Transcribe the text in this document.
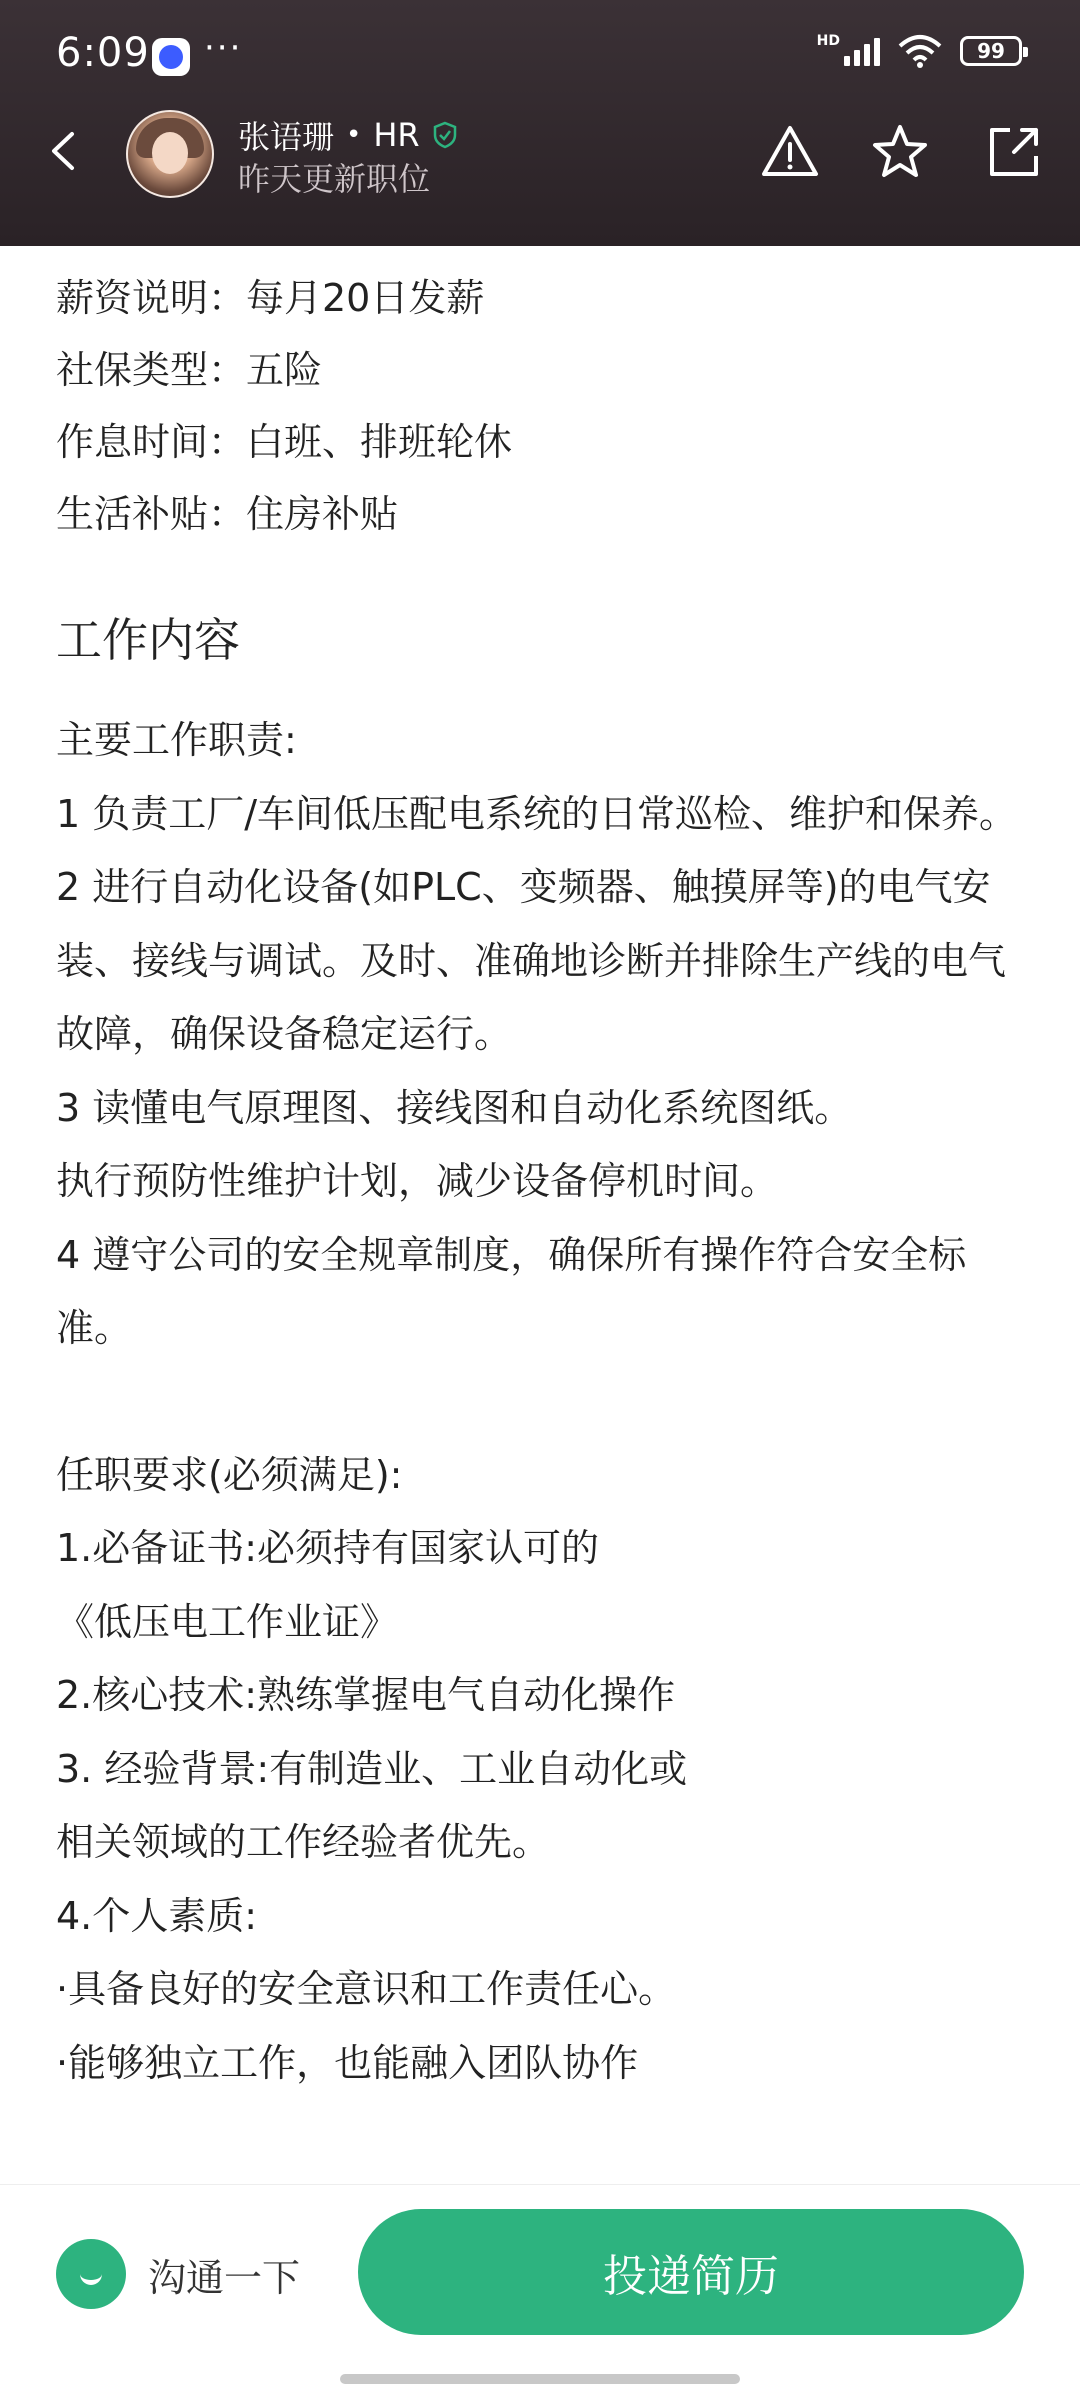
6:09 ···	HD	99
张语珊 • HR
昨天更新职位
薪资说明：每月20日发薪
社保类型：五险
作息时间：白班、排班轮休
生活补贴：住房补贴
工作内容
主要工作职责:
1 负责工厂/车间低压配电系统的日常巡检、维护和保养。
2 进行自动化设备(如PLC、变频器、触摸屏等)的电气安装、接线与调试。及时、准确地诊断并排除生产线的电气故障，确保设备稳定运行。
3 读懂电气原理图、接线图和自动化系统图纸。
执行预防性维护计划，减少设备停机时间。
4 遵守公司的安全规章制度，确保所有操作符合安全标准。
任职要求(必须满足):
1.必备证书:必须持有国家认可的
《低压电工作业证》
2.核心技术:熟练掌握电气自动化操作
3. 经验背景:有制造业、工业自动化或
相关领域的工作经验者优先。
4.个人素质:
·具备良好的安全意识和工作责任心。
·能够独立工作，也能融入团队协作
沟通一下	投递简历
